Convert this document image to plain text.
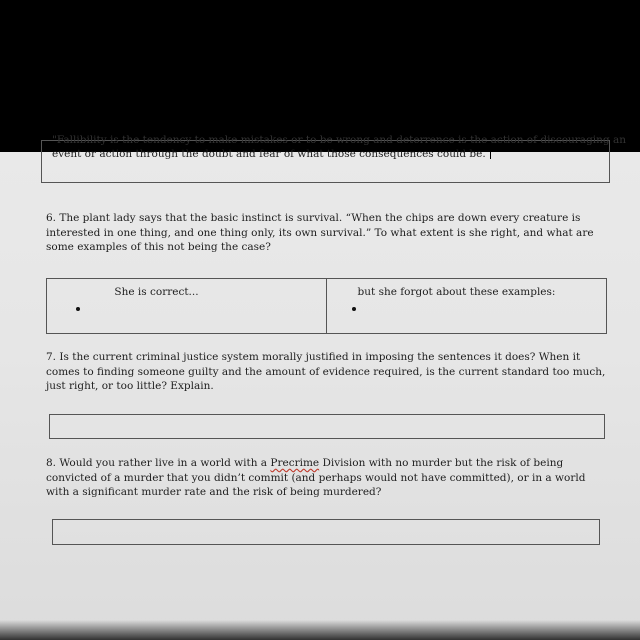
"Fallibility is the tendency to make mistakes or to be wrong and deterrence is the action of discouraging an
event or action through the doubt and fear of what those consequences could be.
6. The plant lady says that the basic instinct is survival. “When the chips are down every creature is interested in one thing, and one thing only, its own survival.” To what extent is she right, and what are some examples of this not being the case?
She is correct...	but she forgot about these examples:
7. Is the current criminal justice system morally justified in imposing the sentences it does? When it comes to finding someone guilty and the amount of evidence required, is the current standard too much, just right, or too little? Explain.
8. Would you rather live in a world with a Precrime Division with no murder but the risk of being convicted of a murder that you didn’t commit (and perhaps would not have committed), or in a world with a significant murder rate and the risk of being murdered?
